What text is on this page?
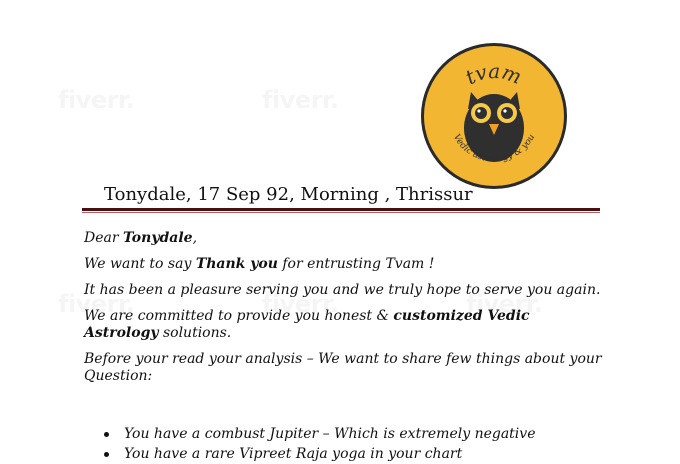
tvam
Vedic astrology & you
Tonydale, 17 Sep 92, Morning , Thrissur

Dear Tonydale,

We want to say Thank you for entrusting Tvam !

It has been a pleasure serving you and we truly hope to serve you again.

We are committed to provide you honest & customized Vedic Astrology solutions.

Before your read your analysis – We want to share few things about your Question:

You have a combust Jupiter – Which is extremely negative
You have a rare Vipreet Raja yoga in your chart
